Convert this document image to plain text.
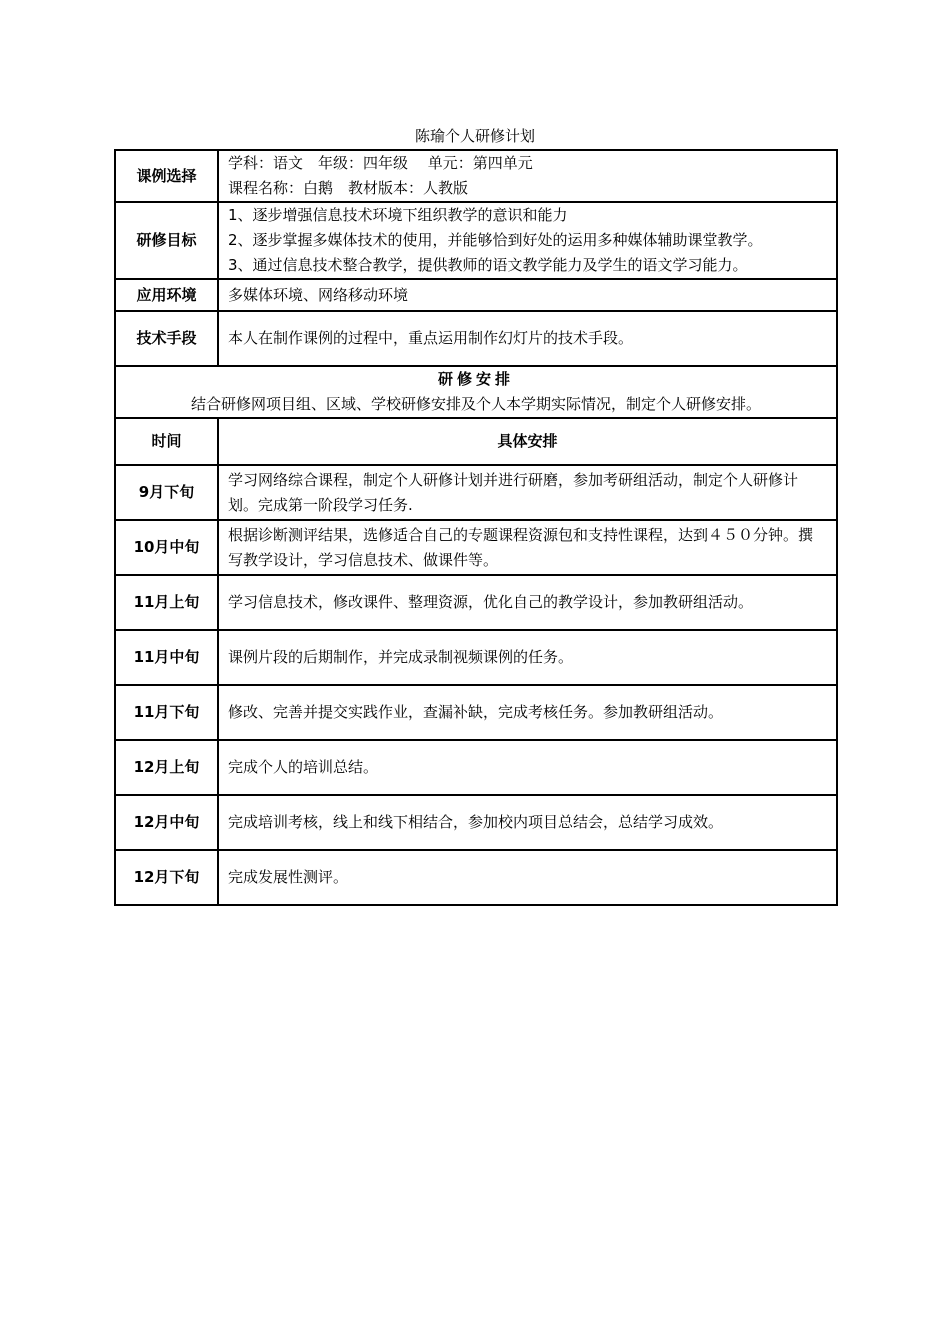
陈瑜个人研修计划
课例选择	学科：语文　年级：四年级　 单元：第四单元
课程名称：白鹅　教材版本：人教版

研修目标	1、逐步增强信息技术环境下组织教学的意识和能力
2、逐步掌握多媒体技术的使用，并能够恰到好处的运用多种媒体辅助课堂教学。
3、通过信息技术整合教学，提供教师的语文教学能力及学生的语文学习能力。

应用环境	多媒体环境、网络移动环境
技术手段	本人在制作课例的过程中，重点运用制作幻灯片的技术手段。

研修安排
结合研修网项目组、区域、学校研修安排及个人本学期实际情况，制定个人研修安排。	

时间	具体安排
9月下旬	学习网络综合课程，制定个人研修计划并进行研磨，参加考研组活动，制定个人研修计划。完成第一阶段学习任务.
10月中旬	根据诊断测评结果，选修适合自己的专题课程资源包和支持性课程，达到４５０分钟。撰写教学设计，学习信息技术、做课件等。
11月上旬	学习信息技术，修改课件、整理资源，优化自己的教学设计，参加教研组活动。
11月中旬	课例片段的后期制作，并完成录制视频课例的任务。
11月下旬	修改、完善并提交实践作业，查漏补缺，完成考核任务。参加教研组活动。
12月上旬	完成个人的培训总结。
12月中旬	完成培训考核，线上和线下相结合，参加校内项目总结会，总结学习成效。
12月下旬	完成发展性测评。
